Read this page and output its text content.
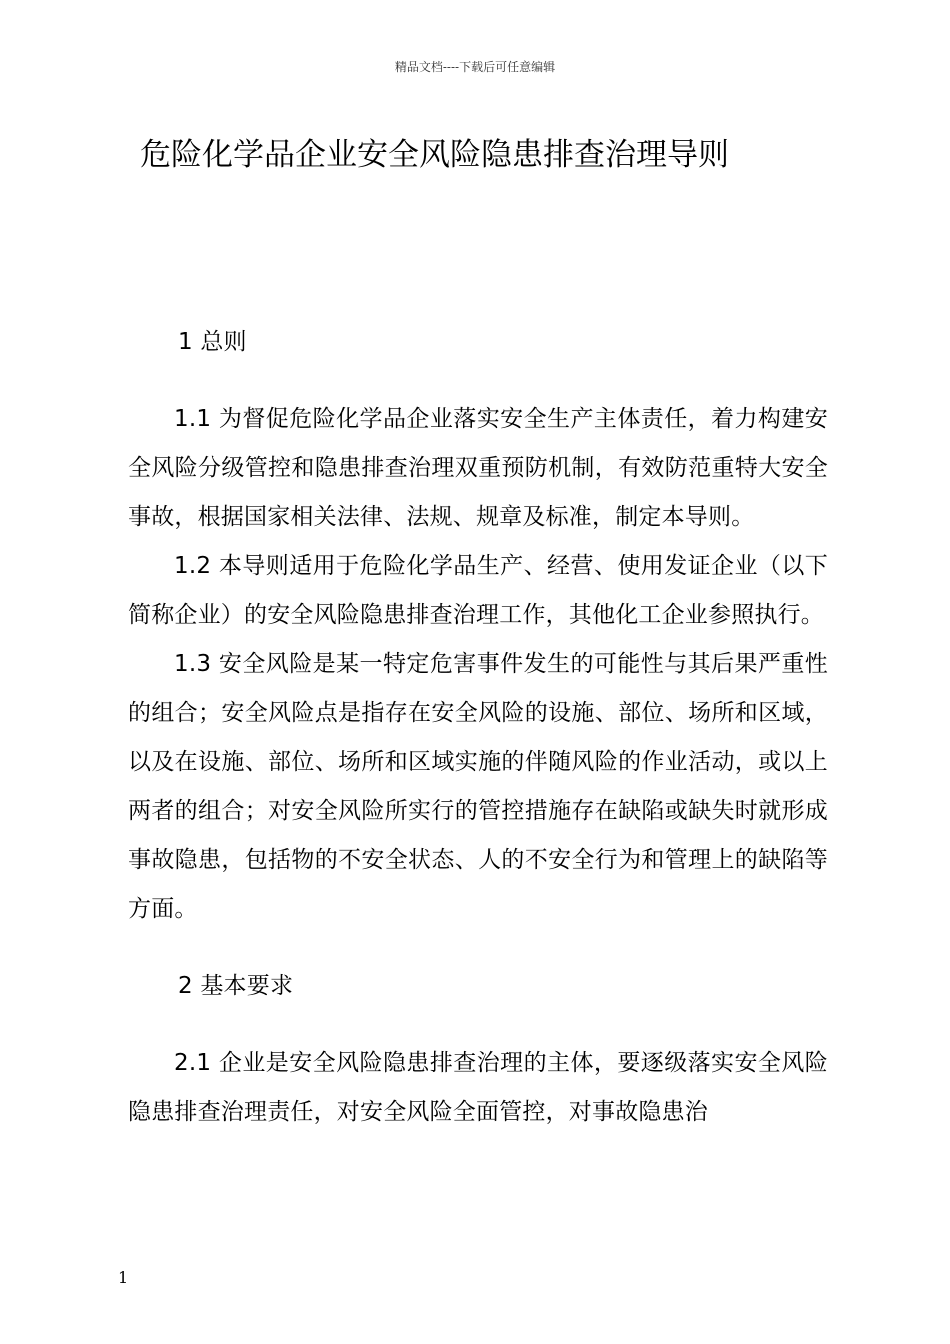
精品文档----下载后可任意编辑
危险化学品企业安全风险隐患排查治理导则

1 总则

1.1 为督促危险化学品企业落实安全生产主体责任，着力构建安全风险分级管控和隐患排查治理双重预防机制，有效防范重特大安全事故，根据国家相关法律、法规、规章及标准，制定本导则。

1.2 本导则适用于危险化学品生产、经营、使用发证企业（以下简称企业）的安全风险隐患排查治理工作，其他化工企业参照执行。

1.3 安全风险是某一特定危害事件发生的可能性与其后果严重性的组合；安全风险点是指存在安全风险的设施、部位、场所和区域，以及在设施、部位、场所和区域实施的伴随风险的作业活动，或以上两者的组合；对安全风险所实行的管控措施存在缺陷或缺失时就形成事故隐患，包括物的不安全状态、人的不安全行为和管理上的缺陷等方面。

2 基本要求

2.1 企业是安全风险隐患排查治理的主体，要逐级落实安全风险隐患排查治理责任，对安全风险全面管控，对事故隐患治

1
